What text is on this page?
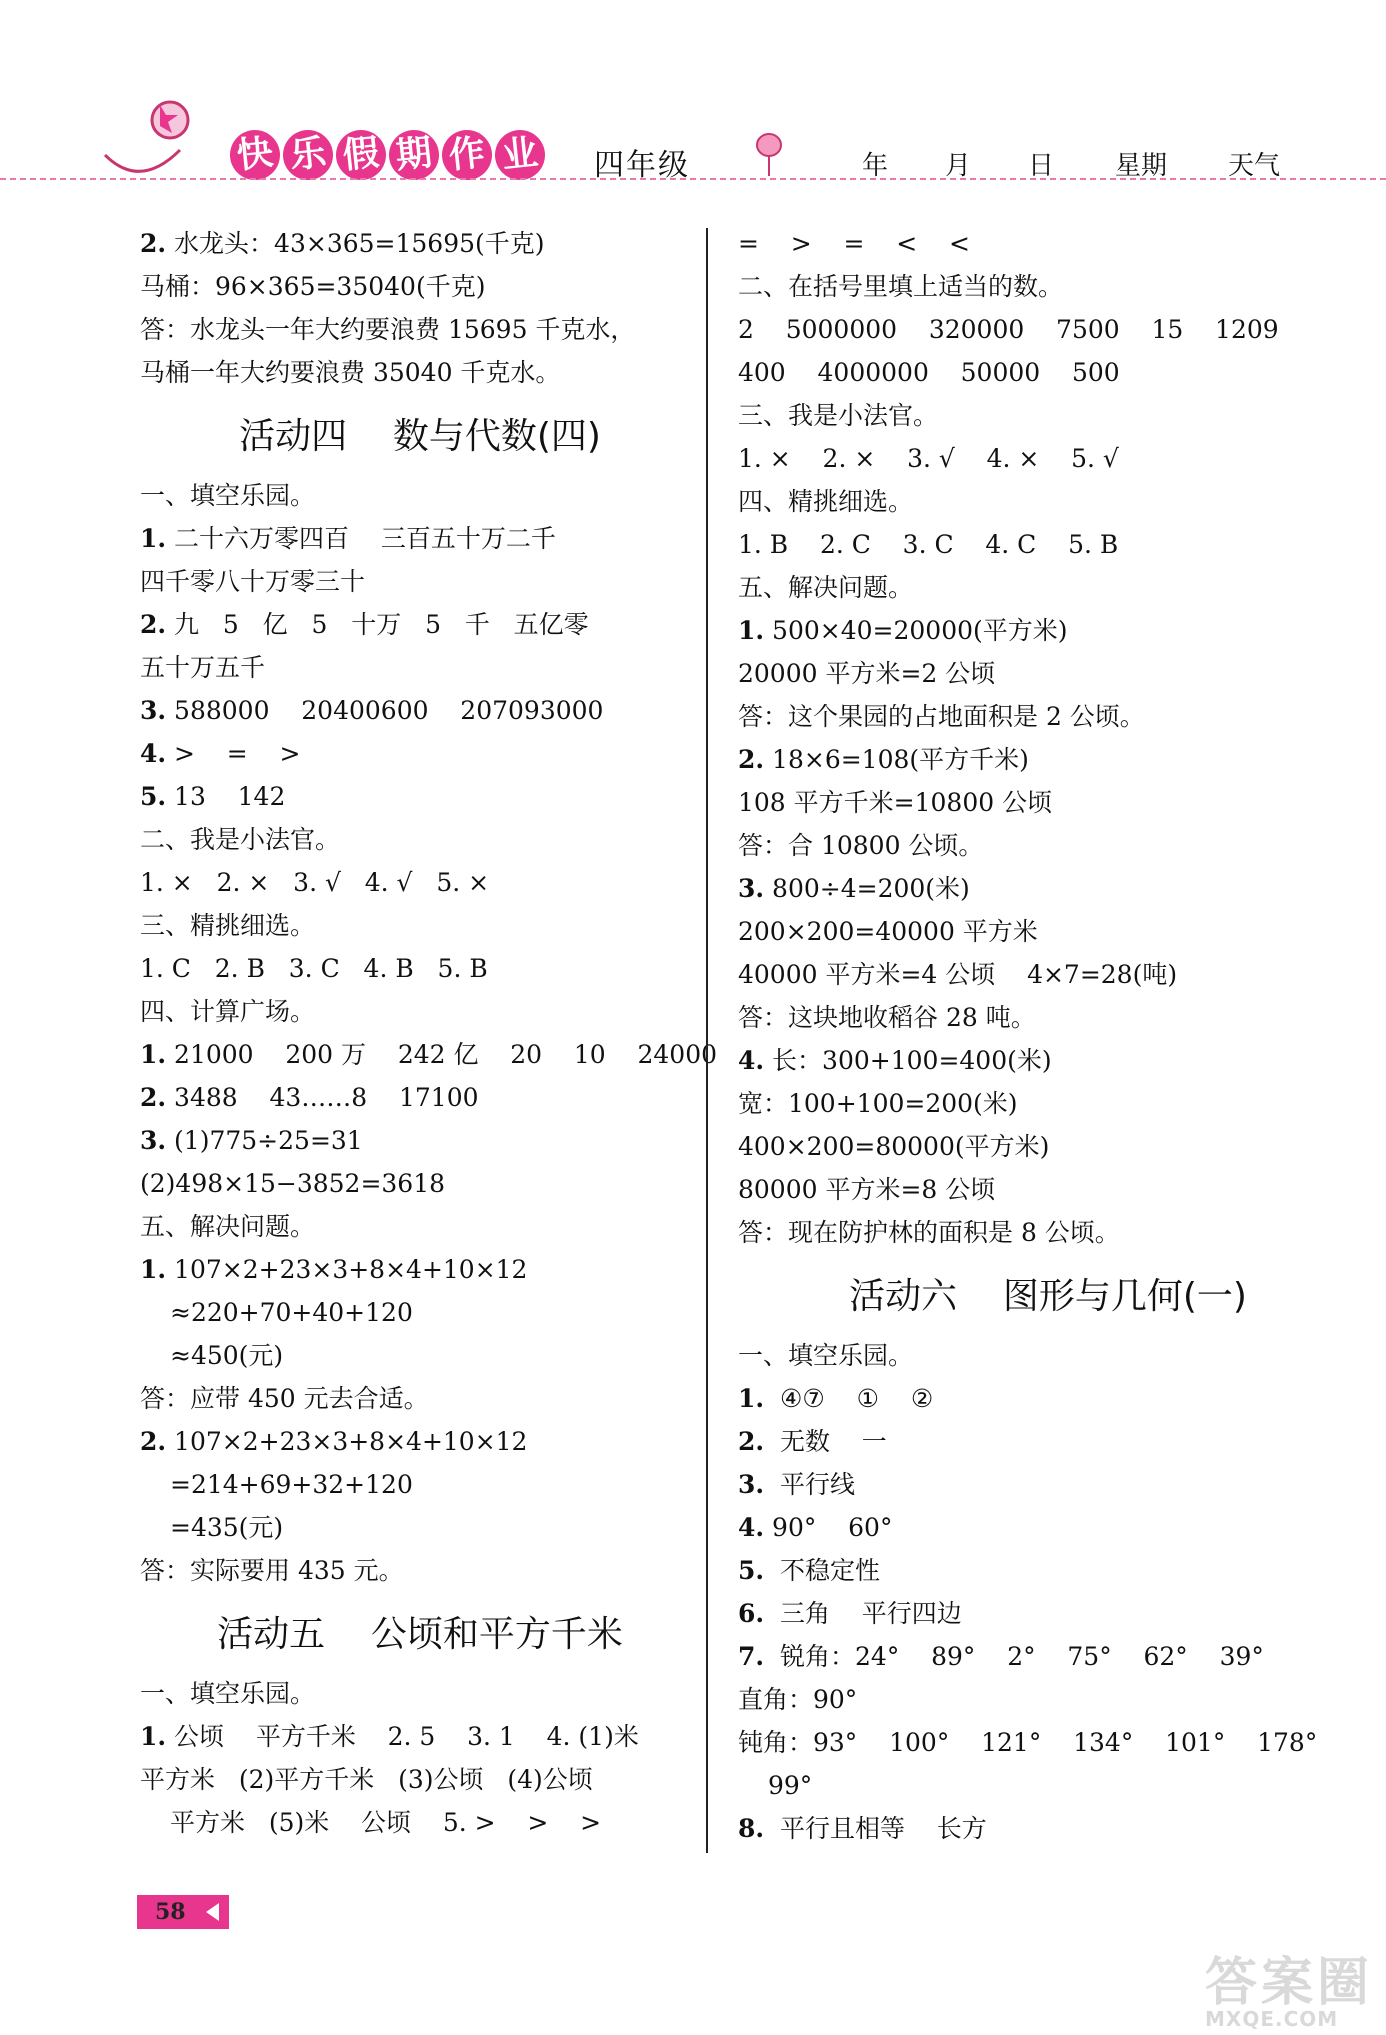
快 乐 假 期 作 业 四年级	年 月 日 星期 天气
2. 水龙头：43×365=15695(千克)
马桶：96×365=35040(千克)
答：水龙头一年大约要浪费 15695 千克水，
马桶一年大约要浪费 35040 千克水。
活动四    数与代数(四)
一、填空乐园。
1. 二十六万零四百    三百五十万二千
四千零八十万零三十
2. 九   5   亿   5   十万   5   千   五亿零
五十万五千
3. 588000    20400600    207093000
4. >    =    >
5. 13    142
二、我是小法官。
1. ×   2. ×   3. √   4. √   5. ×
三、精挑细选。
1. C   2. B   3. C   4. B   5. B
四、计算广场。
1. 21000    200 万    242 亿    20    10    24000
2. 3488    43……8    17100
3. (1)775÷25=31
(2)498×15−3852=3618
五、解决问题。
1. 107×2+23×3+8×4+10×12
≈220+70+40+120
≈450(元)
答：应带 450 元去合适。
2. 107×2+23×3+8×4+10×12
=214+69+32+120
=435(元)
答：实际要用 435 元。
活动五    公顷和平方千米
一、填空乐园。
1. 公顷    平方千米    2. 5    3. 1    4. (1)米
平方米   (2)平方千米   (3)公顷   (4)公顷
平方米   (5)米    公顷    5. >    >    >
=    >    =    <    <
二、在括号里填上适当的数。
2    5000000    320000    7500    15    1209
400    4000000    50000    500
三、我是小法官。
1. ×    2. ×    3. √    4. ×    5. √
四、精挑细选。
1. B    2. C    3. C    4. C    5. B
五、解决问题。
1. 500×40=20000(平方米)
20000 平方米=2 公顷
答：这个果园的占地面积是 2 公顷。
2. 18×6=108(平方千米)
108 平方千米=10800 公顷
答：合 10800 公顷。
3. 800÷4=200(米)
200×200=40000 平方米
40000 平方米=4 公顷    4×7=28(吨)
答：这块地收稻谷 28 吨。
4. 长：300+100=400(米)
宽：100+100=200(米)
400×200=80000(平方米)
80000 平方米=8 公顷
答：现在防护林的面积是 8 公顷。
活动六    图形与几何(一)
一、填空乐园。
1.  ④⑦    ①    ②
2.  无数    一
3.  平行线
4. 90°    60°
5.  不稳定性
6.  三角    平行四边
7.  锐角：24°    89°    2°    75°    62°    39°
直角：90°
钝角：93°    100°    121°    134°    101°    178°
99°
8.  平行且相等    长方
58
答案圈
MXQE.COM
